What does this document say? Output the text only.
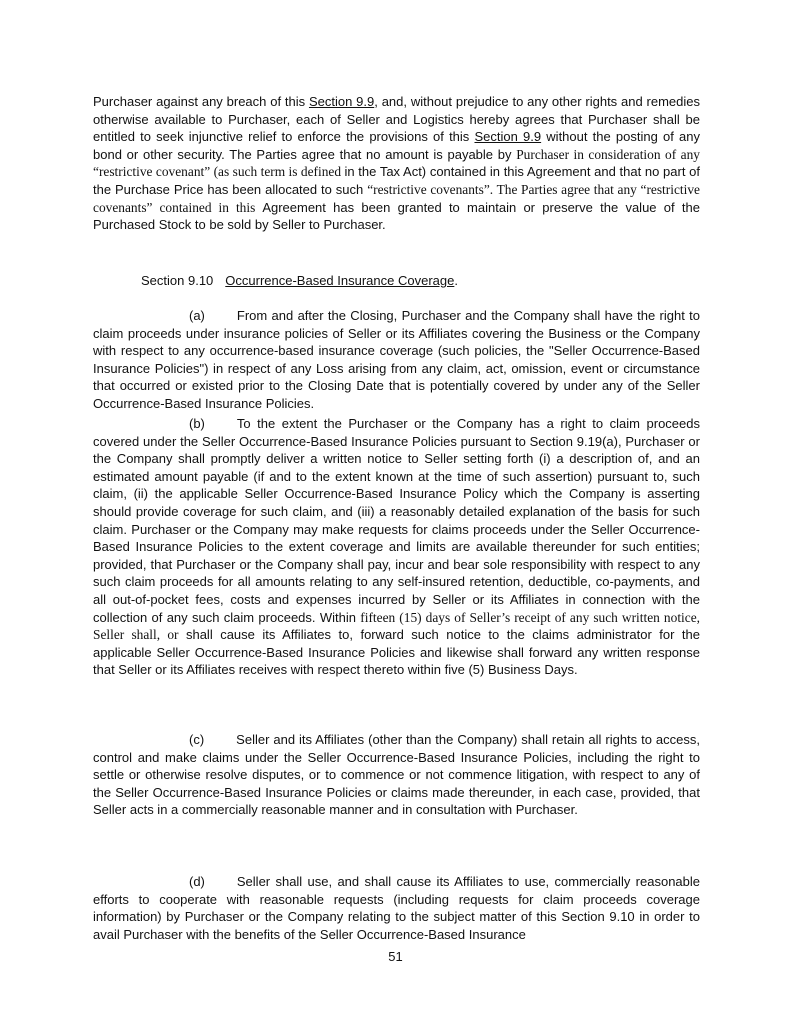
Purchaser against any breach of this Section 9.9, and, without prejudice to any other rights and remedies otherwise available to Purchaser, each of Seller and Logistics hereby agrees that Purchaser shall be entitled to seek injunctive relief to enforce the provisions of this Section 9.9 without the posting of any bond or other security. The Parties agree that no amount is payable by Purchaser in consideration of any “restrictive covenant” (as such term is defined in the Tax Act) contained in this Agreement and that no part of the Purchase Price has been allocated to such “restrictive covenants”. The Parties agree that any “restrictive covenants” contained in this Agreement has been granted to maintain or preserve the value of the Purchased Stock to be sold by Seller to Purchaser.

Section 9.10 Occurrence-Based Insurance Coverage.

(a) From and after the Closing, Purchaser and the Company shall have the right to claim proceeds under insurance policies of Seller or its Affiliates covering the Business or the Company with respect to any occurrence-based insurance coverage (such policies, the "Seller Occurrence-Based Insurance Policies") in respect of any Loss arising from any claim, act, omission, event or circumstance that occurred or existed prior to the Closing Date that is potentially covered by under any of the Seller Occurrence-Based Insurance Policies.

(b) To the extent the Purchaser or the Company has a right to claim proceeds covered under the Seller Occurrence-Based Insurance Policies pursuant to Section 9.19(a), Purchaser or the Company shall promptly deliver a written notice to Seller setting forth (i) a description of, and an estimated amount payable (if and to the extent known at the time of such assertion) pursuant to, such claim, (ii) the applicable Seller Occurrence-Based Insurance Policy which the Company is asserting should provide coverage for such claim, and (iii) a reasonably detailed explanation of the basis for such claim. Purchaser or the Company may make requests for claims proceeds under the Seller Occurrence-Based Insurance Policies to the extent coverage and limits are available thereunder for such entities; provided, that Purchaser or the Company shall pay, incur and bear sole responsibility with respect to any such claim proceeds for all amounts relating to any self-insured retention, deductible, co-payments, and all out-of-pocket fees, costs and expenses incurred by Seller or its Affiliates in connection with the collection of any such claim proceeds. Within fifteen (15) days of Seller’s receipt of any such written notice, Seller shall, or shall cause its Affiliates to, forward such notice to the claims administrator for the applicable Seller Occurrence-Based Insurance Policies and likewise shall forward any written response that Seller or its Affiliates receives with respect thereto within five (5) Business Days.

(c) Seller and its Affiliates (other than the Company) shall retain all rights to access, control and make claims under the Seller Occurrence-Based Insurance Policies, including the right to settle or otherwise resolve disputes, or to commence or not commence litigation, with respect to any of the Seller Occurrence-Based Insurance Policies or claims made thereunder, in each case, provided, that Seller acts in a commercially reasonable manner and in consultation with Purchaser.

(d) Seller shall use, and shall cause its Affiliates to use, commercially reasonable efforts to cooperate with reasonable requests (including requests for claim proceeds coverage information) by Purchaser or the Company relating to the subject matter of this Section 9.10 in order to avail Purchaser with the benefits of the Seller Occurrence-Based Insurance

51
